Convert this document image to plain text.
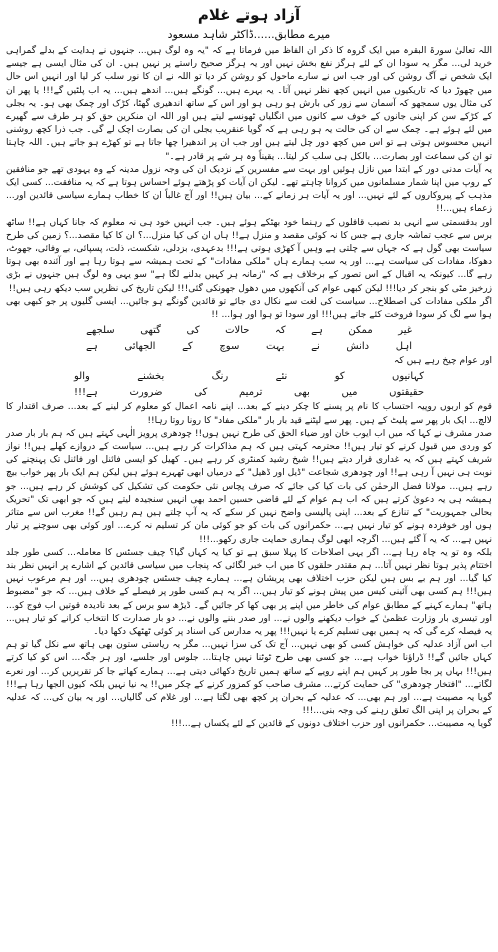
آزاد ہوتے غلام
میرے مطابق......ڈاکٹر شاہد مسعود

اللہ تعالیٰ سورۃ البقرہ میں ایک گروہ کا ذکر ان الفاظ میں فرماتا ہے کہ "یہ وہ لوگ ہیں... جنہوں نے ہدایت کے بدلے گمراہی خرید لی... مگر یہ سودا ان کے لئے ہرگز نفع بخش نہیں اور یہ ہرگز صحیح راستے پر نہیں ہیں۔ ان کی مثال ایسی ہے جیسے ایک شخص نے آگ روشن کی اور جب اس نے سارے ماحول کو روشن کر دیا تو اللہ نے ان کا نور سلب کر لیا اور انہیں اس حال میں چھوڑ دیا کہ تاریکیوں میں انہیں کچھ نظر نہیں آتا۔ یہ بہرے ہیں... گونگے ہیں... اندھے ہیں... یہ اب پلٹیں گے!!! یا پھر ان کی مثال یوں سمجھو کہ آسمان سے زور کی بارش ہو رہی ہو اور اس کے ساتھ اندھیری گھٹا، کڑک اور چمک بھی ہو۔ یہ بجلی کے کڑکے سن کر اپنی جانوں کے خوف سے کانوں میں انگلیاں ٹھونسے لیتے ہیں اور اللہ ان منکرین حق کو ہر طرف سے گھیرے میں لئے ہوئے ہے۔ چمک سے ان کی حالت یہ ہو رہی ہے کہ گویا عنقریب بجلی ان کی بصارت اچک لے گی۔ جب ذرا کچھ روشنی انہیں محسوس ہوتی ہے تو اس میں کچھ دور چل لیتے ہیں اور جب ان پر اندھیرا چھا جاتا ہے تو کھڑے ہو جاتے ہیں۔ اللہ چاہتا تو ان کی سماعت اور بصارت... بالکل ہی سلب کر لیتا... یقیناً وہ ہر شے پر قادر ہے۔"

یہ آیات مدنی دور کے ابتدا میں نازل ہوئیں اور بہت سے مفسرین کے نزدیک ان کی وجہ نزول مدینہ کے وہ یہودی تھے جو منافقین کے روپ میں اپنا شمار مسلمانوں میں کروانا چاہتے تھے۔ لیکن ان آیات کو پڑھتے ہوئے احساس ہوتا ہے کہ یہ منافقت... کسی ایک مذہب کے پیروکاروں کے لئے نہیں... اور یہ آیات ہر زمانے کے... بیان ہیں!! اور آج غالباً ان کا خطاب ہمارے سیاسی قائدین اور... زعماء ہیں...!!

اور بدقسمتی سے انہی بد نصیب قافلوں کے رہنما خود بھٹکے ہوئے ہیں۔ جب انہیں خود ہی نہ معلوم کہ جانا کہاں ہے!! ساٹھ برس سے عجب تماشہ جاری ہے جس کا نہ کوئی مقصد و منزل ہے!! ہاں ان کی کیا منزل...؟ ان کا کیا مقصد...؟ زمین کی طرح سیاست بھی گول ہے کہ جہاں سے چلتی ہے وہیں آ کھڑی ہوتی ہے!!! بدعہدی، بزدلی، شکست، ذلت، پسپائی، بے وفائی، جھوٹ، دھوکا، مفادات کی سیاست ہے... اور یہ سب ہمارے ہاں "ملکی مفادات" کے تحت ہمیشہ سے ہوتا رہا ہے اور آئندہ بھی ہوتا رہے گا... کیونکہ یہ اقبال کے اس تصور کے برخلاف ہے کہ "زمانہ ہر کہیں بدلنے لگا ہے" سو یہی وہ لوگ ہیں جنہوں نے بڑی زرخیز مٹی کو بنجر کر دیا!!! لیکن کبھی عوام کی آنکھوں میں دھول جھونکی گئی!!! لیکن تاریخ کی نظریں سب دیکھ رہی ہیں!!

اگر ملکی مفادات کی اصطلاح... سیاست کی لغت سے نکال دی جائے تو قائدین گونگے ہو جائیں... ایسی گلیوں پر جو کبھی بھی ہوا سے لگ کر سودا فروخت کئے جاتے ہیں!!! اور سودا تو ہوا اور ہوا... !!

غیر
ممکن
ہے
کہ
حالات
کی
گتھی
سلجھے
اہل
دانش
نے
بہت
سوچ
کے
الجھائی
ہے

اور عوام چیخ رہے ہیں کہ

کہانیوں
کو
نئے
رنگ
بخشنے
والو
حقیقتوں
میں
بھی
ترمیم
کی
ضرورت
ہے!!!

قوم کو اربوں روپیہ احتساب کا نام پر پسنے کا چکر دینے کے بعد... اپنے نامہ اعمال کو معلوم کر لینے کے بعد... صرف اقتدار کا لالچ... ایک بار پھر سے پلیٹ کے ہیں۔ پھر سے لپٹنے قید بار بار "ملکی مفاد" کا رونا روتا رہا!!

صدر مشرف نے کہا کہ میں اب ایوب خان اور ضیاء الحق کی طرح نہیں ہوں!! چودھری پرویز الٰہی کہتے ہیں کہ ہم بار بار صدر کو وردی میں قبول کرنے کو تیار ہیں!! محترمہ کہتی ہیں کہ ہم مذاکرات کر رہے ہیں... سیاست کے دروازے کھلے ہیں!! نواز شریف کہتے ہیں کہ یہ غداری قرار دیتے ہیں!! شیخ رشید کمنٹری کر رہے ہیں۔ کھیل کو ایسی فائنل اور فائنل تک پہنچنے کی نوبت ہی نہیں آ رہی ہے!! اور چودھری شجاعت "ڈیل اور ڈھیل" کے درمیاں ابھی ٹھہرے ہوئے ہیں لیکن ہم ایک بار پھر خواب بیچ رہے ہیں... مولانا فضل الرحمٰن کی بات کیا کی جائے کہ صرف پچاس نئی حکومت کی تشکیل کی کوشش کر رہے ہیں... جو ہمیشہ ہی یہ دعویٰ کرتے ہیں کہ اب ہم عوام کے لئے قاضی حسین احمد بھی انہیں سنجیدہ لیتے ہیں کہ جو ابھی تک "تحریک بحالی جمہوریت" کے تنازع کے بعد... اپنی پالیسی واضح نہیں کر سکے کہ یہ آپ چلتے ہیں ہم رہیں گے!! مغرب اس سے متاثر ہوں اور خوفزدہ ہونے کو تیار نہیں ہے... حکمرانوں کی بات کو جو کوئی مان کر تسلیم نہ کرے... اور کوئی بھی سوچنے پر تیار نہیں ہے... کہ یہ آ گئے ہیں... اگرچہ ابھی لوگ ہماری حمایت جاری رکھو...!!!

بلکہ وہ تو یہ چاہ رہا ہے... اگر یہی اصلاحات کا پہلا سبق ہے تو کیا یہ کہاں گیا؟ چیف جسٹس کا معاملہ... کسی طور جلد اختتام پذیر ہوتا نظر نہیں آتا... ہم مقتدر حلقوں کا میں اب خبر لگائی کہ پنجاب میں سیاسی قائدین کے اشارے پر انہیں نظر بند کیا گیا... اور ہم بے بس ہیں لیکن حزب اختلاف بھی پریشان ہے... ہمارے چیف جسٹس چودھری ہیں... اور ہم مرعوب نہیں ہیں!!! ہم کسی بھی آئینی کیس میں پیش ہونے کو تیار ہیں... اگر یہ ہم کسی طور پر فیصلے کے خلاف ہیں... کہ جو "مضبوط ہاتھ" ہمارے کہنے کے مطابق عوام کی خاطر میں اپنے پر بھی کھا کر جائیں گے۔ ڈیڑھ سو برس کے بعد نادیدہ قوتیں اب فوج کو... اور تیسری بار وزارت عظمیٰ کے خواب دیکھنے والوں نے... اور صدر بننے والوں نے... دو بار صدارت کا انتخاب کرانے کو تیار ہیں... یہ فیصلہ کرے گی کہ یہ ہمیں بھی تسلیم کرے یا نہیں!!! پھر یہ مدارس کی اسناد پر کوئی ٹھٹھک دکھا دیا۔

اب اس آزاد عدلیہ کی خواہش کسی کو بھی نہیں... آج تک کی سزا نہیں... مگر یہ ریاستی ستون بھی ہاتھ سے نکل گیا تو ہم کہاں جائیں گے!! ڈراؤنا خواب ہے... جو کسی بھی طرح ٹوٹنا نہیں چاہتا... جلوس اور جلسے، اور ہر جگہ... اس کو کیا کرتے ہیں!!! بہاں پر بجا طور پر کہیں ہم اپنے رویے کے ساتھ ہمیں تاریخ دکھائی دیتی ہے... ہمارے کھاتے جا کر تقریریں کر... اور نعرے لگاتے... "افتخار چودھری" کی حمایت کرتے... مشرف صاحب کو کمزور کرنے کے چکر میں!! یہ نیا نہیں بلکہ کیوں الجھا رہا ہے!!! گویا یہ مصیبت ہے... اور ہم بھی... کہ عدلیہ کے بحران پر کچھ بھی لگتا ہے... اور غلام کی گالیاں... اور یہ بیان کی... کہ عدلیہ کے بحران پر اپنی الگ تعلق رہنے کی وجہ بنی...!!!

گویا یہ مصیبت... حکمرانوں اور حزب اختلاف دونوں کے قائدین کے لئے یکساں ہے...!!!
